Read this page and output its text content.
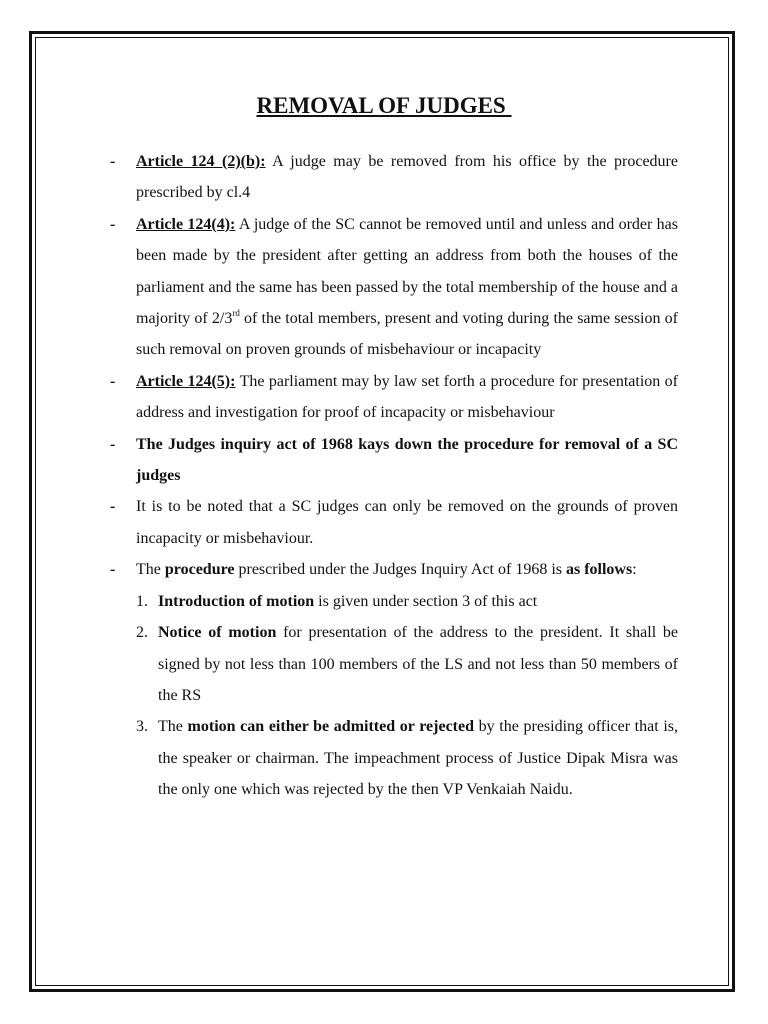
REMOVAL OF JUDGES
-	Article 124 (2)(b): A judge may be removed from his office by the procedure prescribed by cl.4
-	Article 124(4): A judge of the SC cannot be removed until and unless and order has been made by the president after getting an address from both the houses of the parliament and the same has been passed by the total membership of the house and a majority of 2/3rd of the total members, present and voting during the same session of such removal on proven grounds of misbehaviour or incapacity
-	Article 124(5): The parliament may by law set forth a procedure for presentation of address and investigation for proof of incapacity or misbehaviour
-	The Judges inquiry act of 1968 kays down the procedure for removal of a SC judges
-	It is to be noted that a SC judges can only be removed on the grounds of proven incapacity or misbehaviour.
-	The procedure prescribed under the Judges Inquiry Act of 1968 is as follows:
1. Introduction of motion is given under section 3 of this act
2. Notice of motion for presentation of the address to the president. It shall be signed by not less than 100 members of the LS and not less than 50 members of the RS
3. The motion can either be admitted or rejected by the presiding officer that is, the speaker or chairman. The impeachment process of Justice Dipak Misra was the only one which was rejected by the then VP Venkaiah Naidu.
